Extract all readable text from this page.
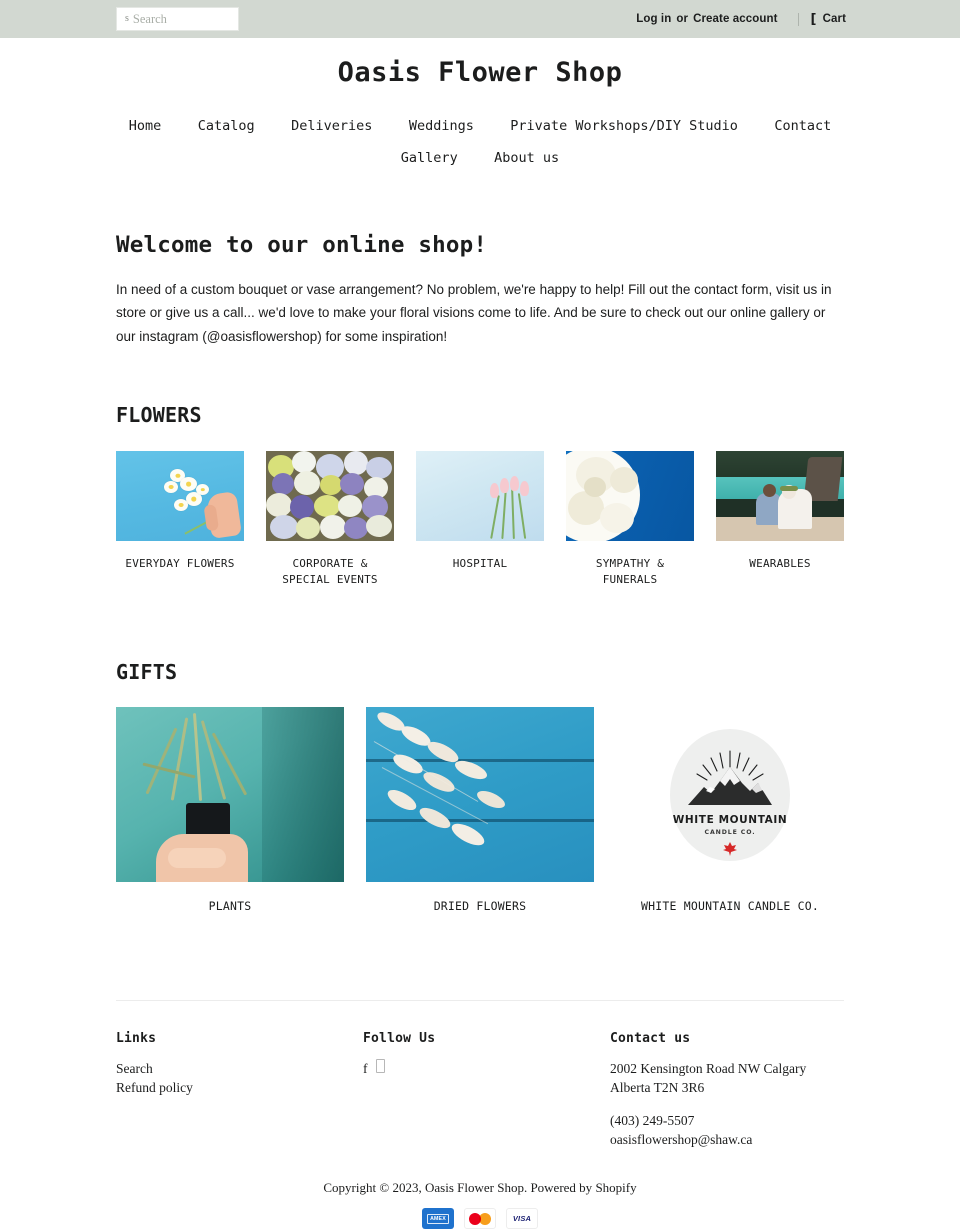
s
Search	Log in or Create account	[ Cart
Oasis Flower Shop
Home	Catalog	Deliveries	Weddings	Private Workshops/DIY Studio	Contact
Gallery	About us
Welcome to our online shop!

In need of a custom bouquet or vase arrangement? No problem, we're happy to help! Fill out the contact form, visit us in store or give us a call... we'd love to make your floral visions come to life. And be sure to check out our online gallery or our instagram (@oasisflowershop) for some inspiration!

FLOWERS
EVERYDAY FLOWERS	CORPORATE & SPECIAL EVENTS
HOSPITAL	SYMPATHY & FUNERALS
WEARABLES
GIFTS
PLANTS	DRIED FLOWERS
WHITE MOUNTAIN
CANDLE CO.
WHITE MOUNTAIN CANDLE CO.
Links
Search
Refund policy
Follow Us
f
Contact us

2002 Kensington Road NW Calgary

Alberta T2N 3R6

(403) 249-5507

oasisflowershop@shaw.ca

Copyright © 2023, Oasis Flower Shop. Powered by Shopify
AMEX	VISA
